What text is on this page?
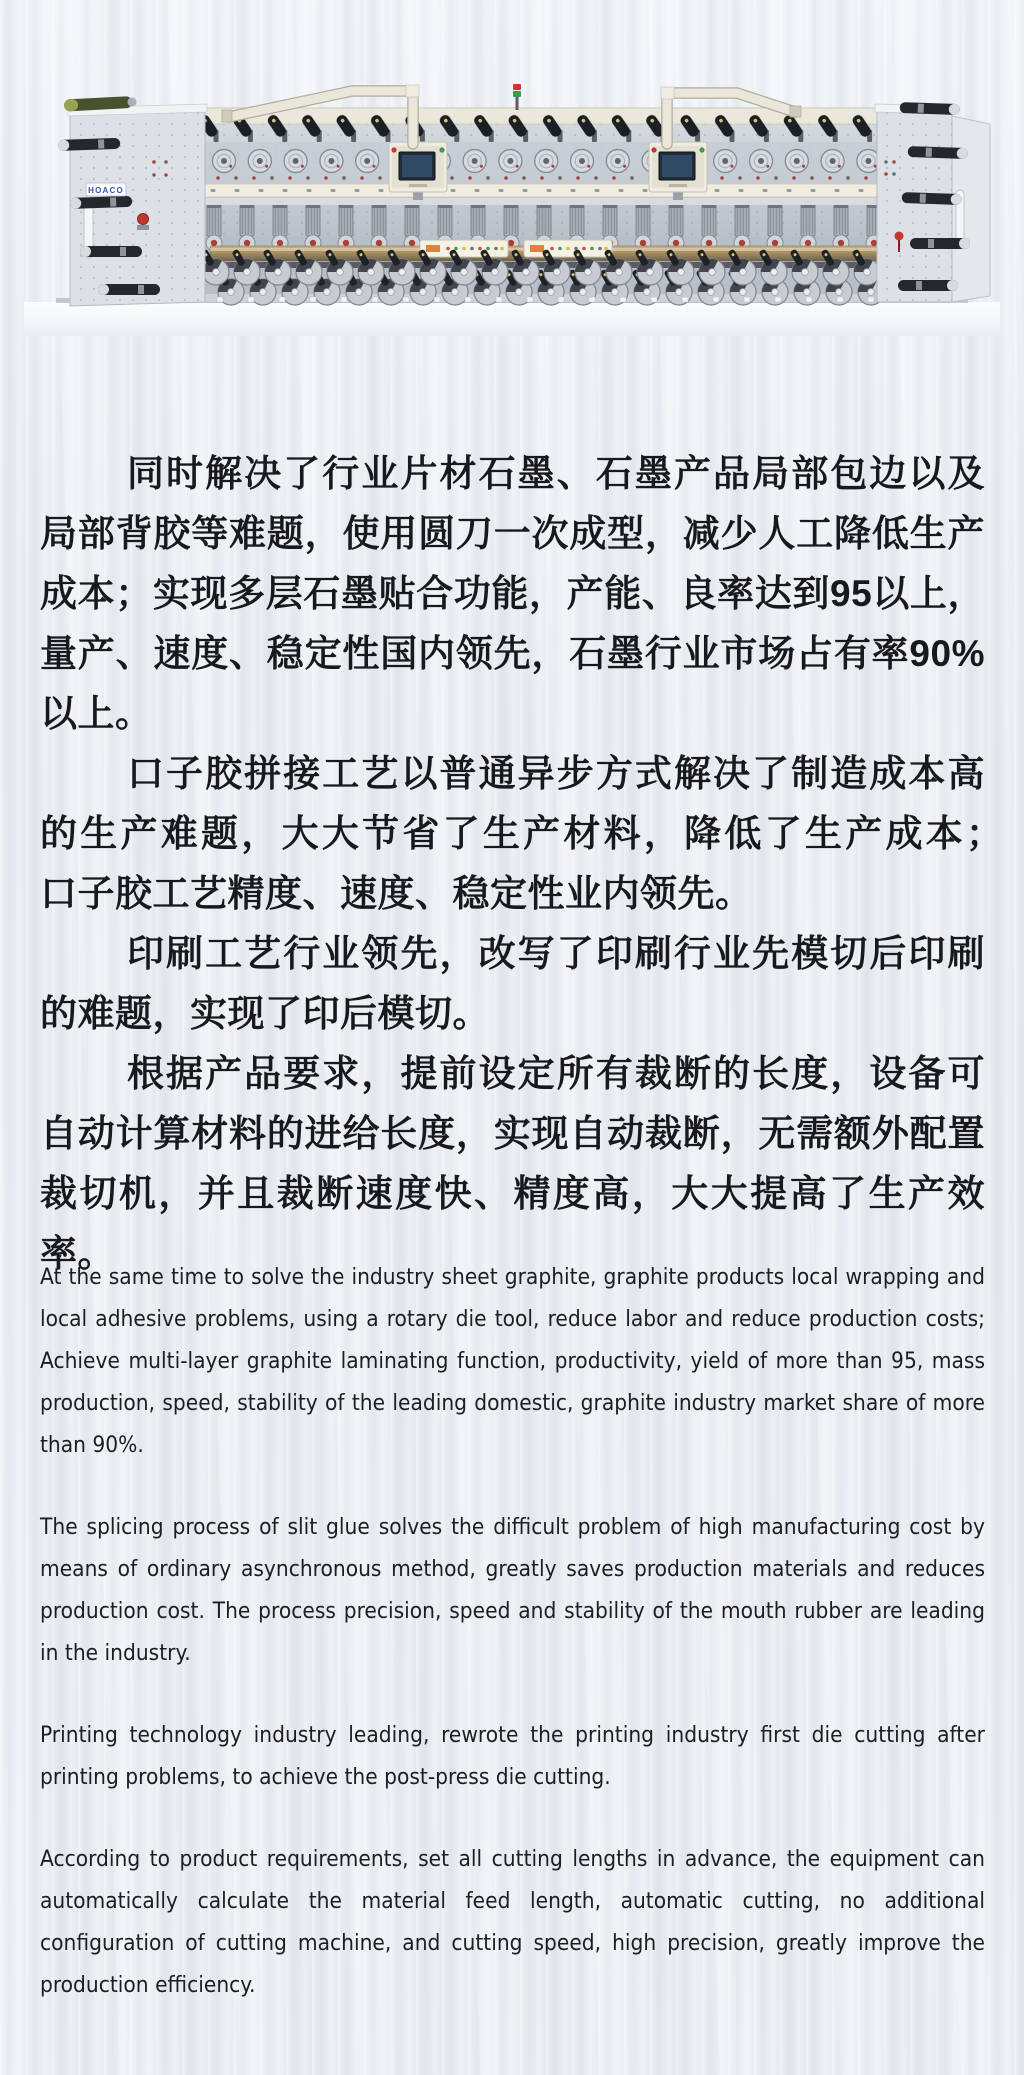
HOACO

同时解决了行业片材石墨、石墨产品局部包边以及局部背胶等难题，使用圆刀一次成型，减少人工降低生产成本；实现多层石墨贴合功能，产能、良率达到95以上，量产、速度、稳定性国内领先，石墨行业市场占有率90%以上。

口子胶拼接工艺以普通异步方式解决了制造成本高的生产难题，大大节省了生产材料，降低了生产成本；　口子胶工艺精度、速度、稳定性业内领先。

印刷工艺行业领先，改写了印刷行业先模切后印刷的难题，实现了印后模切。

根据产品要求，提前设定所有裁断的长度，设备可自动计算材料的进给长度，实现自动裁断，无需额外配置裁切机，并且裁断速度快、精度高，大大提高了生产效率。

At the same time to solve the industry sheet graphite, graphite products local wrapping and local adhesive problems, using a rotary die tool, reduce labor and reduce production costs; Achieve multi-layer graphite laminating function, productivity, yield of more than 95, mass production, speed, stability of the leading domestic, graphite industry market share of more than 90%.

The splicing process of slit glue solves the difficult problem of high manufacturing cost by means of ordinary asynchronous method, greatly saves production materials and reduces production cost. The process precision, speed and stability of the mouth rubber are leading in the industry.

Printing technology industry leading, rewrote the printing industry first die cutting after printing problems, to achieve the post-press die cutting.

According to product requirements, set all cutting lengths in advance, the equipment can automatically calculate the material feed length, automatic cutting, no additional configuration of cutting machine, and cutting speed, high precision, greatly improve the production efficiency.
